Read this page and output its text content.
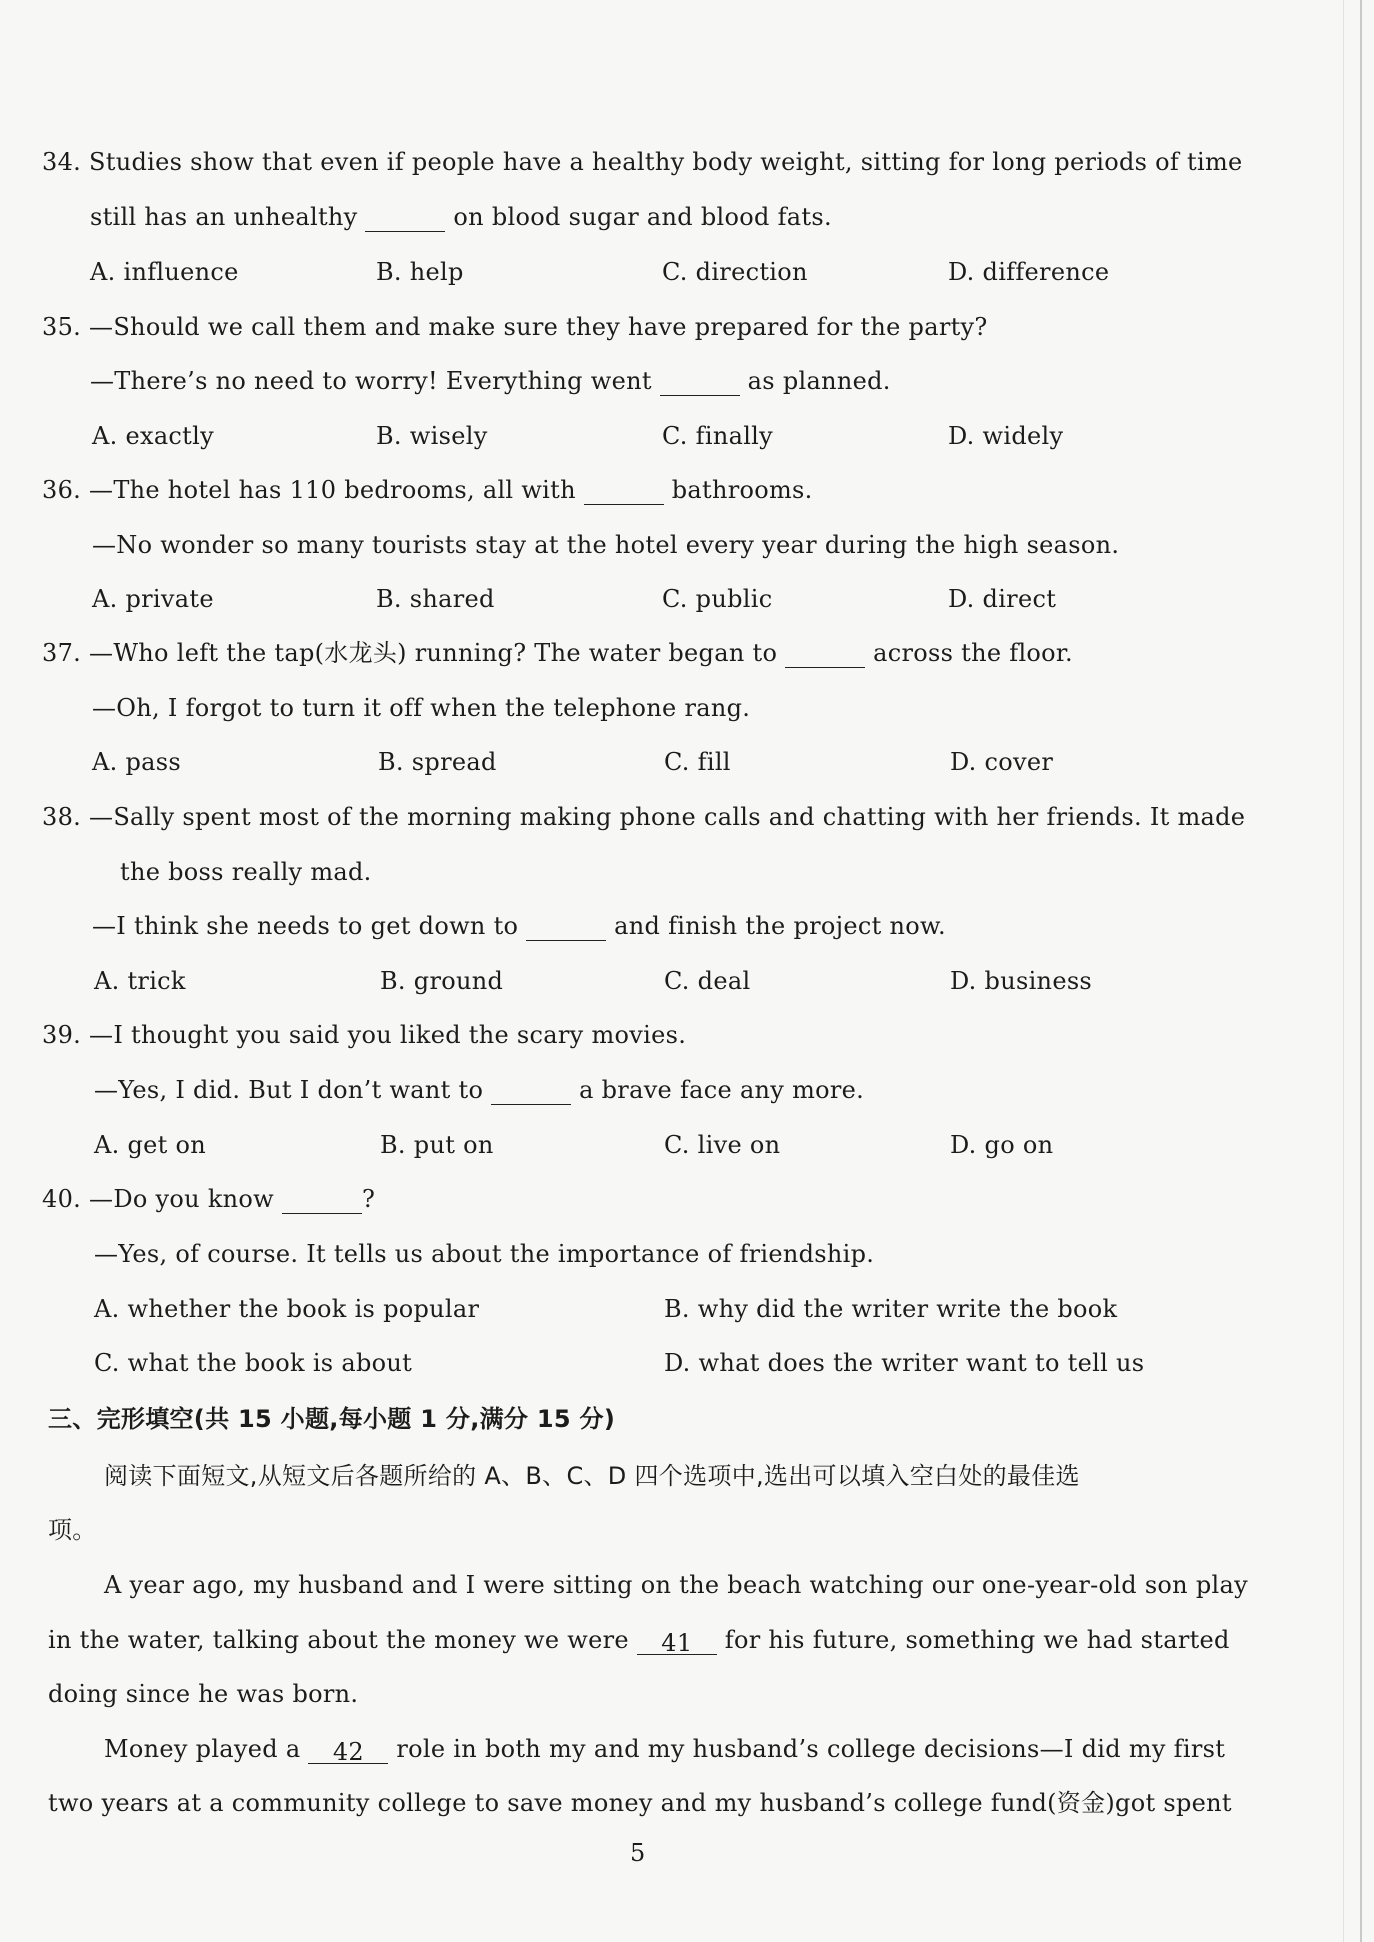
34. Studies show that even if people have a healthy body weight, sitting for long periods of time
still has an unhealthy	on blood sugar and blood fats.
A. influence	B. help	C. direction	D. difference
35. —Should we call them and make sure they have prepared for the party?
—There’s no need to worry! Everything went	as planned.
A. exactly	B. wisely	C. finally	D. widely
36. —The hotel has 110 bedrooms, all with	bathrooms.
—No wonder so many tourists stay at the hotel every year during the high season.
A. private	B. shared	C. public	D. direct
37. —Who left the tap(水龙头) running? The water began to	across the floor.
—Oh, I forgot to turn it off when the telephone rang.
A. pass	B. spread	C. fill	D. cover
38. —Sally spent most of the morning making phone calls and chatting with her friends. It made
the boss really mad.
—I think she needs to get down to	and finish the project now.
A. trick	B. ground	C. deal	D. business
39. —I thought you said you liked the scary movies.
—Yes, I did. But I don’t want to	a brave face any more.
A. get on	B. put on	C. live on	D. go on
40. —Do you know	?
—Yes, of course. It tells us about the importance of friendship.
A. whether the book is popular	B. why did the writer write the book
C. what the book is about	D. what does the writer want to tell us
三、完形填空(共 15 小题,每小题 1 分,满分 15 分)
阅读下面短文,从短文后各题所给的 A、B、C、D 四个选项中,选出可以填入空白处的最佳选
项。
A year ago, my husband and I were sitting on the beach watching our one-year-old son play
in the water, talking about the money we were 41 for his future, something we had started
doing since he was born.
Money played a 42 role in both my and my husband’s college decisions—I did my first
two years at a community college to save money and my husband’s college fund(资金)got spent
5
